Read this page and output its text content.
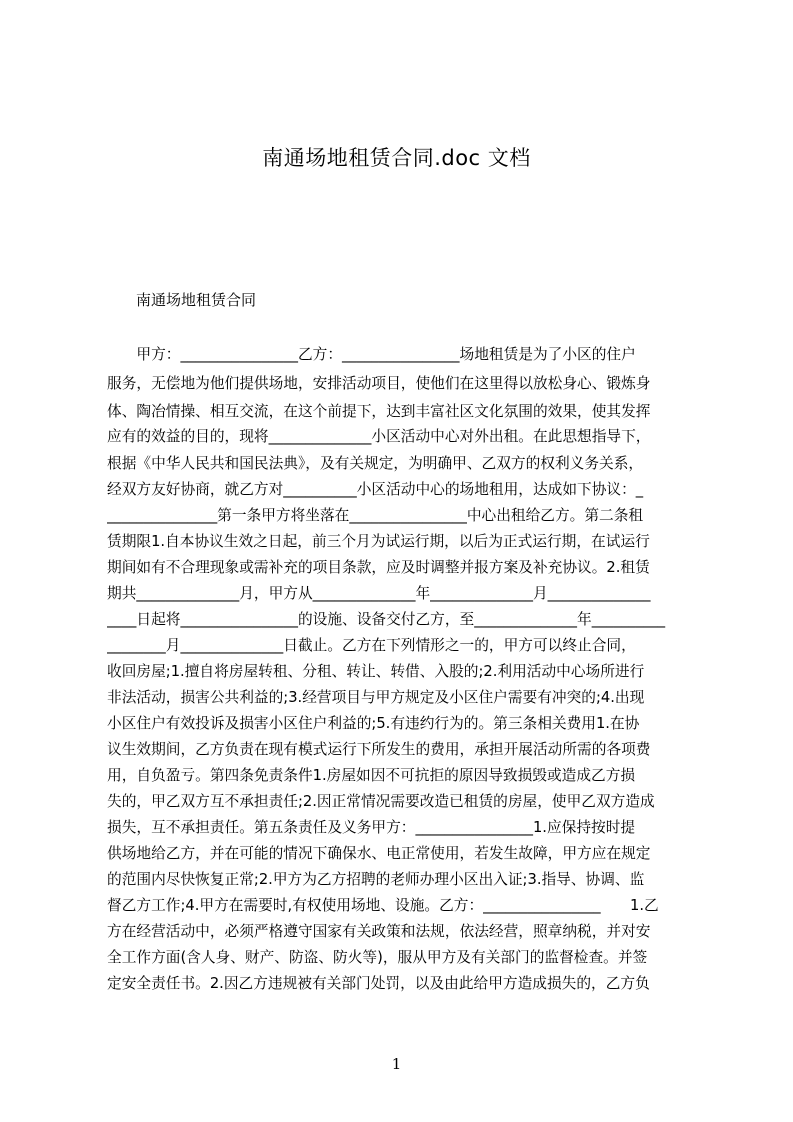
南通场地租赁合同.doc 文档
南通场地租赁合同
　　甲方：________________乙方：________________场地租赁是为了小区的住户
服务，无偿地为他们提供场地，安排活动项目，使他们在这里得以放松身心、锻炼身
体、陶冶情操、相互交流，在这个前提下，达到丰富社区文化氛围的效果，使其发挥
应有的效益的目的，现将______________小区活动中心对外出租。在此思想指导下，
根据《中华人民共和国民法典》，及有关规定，为明确甲、乙双方的权利义务关系，
经双方友好协商，就乙方对__________小区活动中心的场地租用，达成如下协议：_
_______________第一条甲方将坐落在________________中心出租给乙方。第二条租
赁期限1.自本协议生效之日起，前三个月为试运行期，以后为正式运行期，在试运行
期间如有不合理现象或需补充的项目条款，应及时调整并报方案及补充协议。2.租赁
期共______________月，甲方从______________年______________月______________
____日起将________________的设施、设备交付乙方，至______________年__________
________月______________日截止。乙方在下列情形之一的，甲方可以终止合同，
收回房屋;1.擅自将房屋转租、分租、转让、转借、入股的;2.利用活动中心场所进行
非法活动，损害公共利益的;3.经营项目与甲方规定及小区住户需要有冲突的;4.出现
小区住户有效投诉及损害小区住户利益的;5.有违约行为的。第三条相关费用1.在协
议生效期间，乙方负责在现有模式运行下所发生的费用，承担开展活动所需的各项费
用，自负盈亏。第四条免责条件1.房屋如因不可抗拒的原因导致损毁或造成乙方损
失的，甲乙双方互不承担责任;2.因正常情况需要改造已租赁的房屋，使甲乙双方造成
损失，互不承担责任。第五条责任及义务甲方：________________1.应保持按时提
供场地给乙方，并在可能的情况下确保水、电正常使用，若发生故障，甲方应在规定
的范围内尽快恢复正常;2.甲方为乙方招聘的老师办理小区出入证;3.指导、协调、监
督乙方工作;4.甲方在需要时,有权使用场地、设施。乙方：________________　　1.乙
方在经营活动中，必须严格遵守国家有关政策和法规，依法经营，照章纳税，并对安
全工作方面(含人身、财产、防盗、防火等)，服从甲方及有关部门的监督检查。并签
定安全责任书。2.因乙方违规被有关部门处罚，以及由此给甲方造成损失的，乙方负
1
